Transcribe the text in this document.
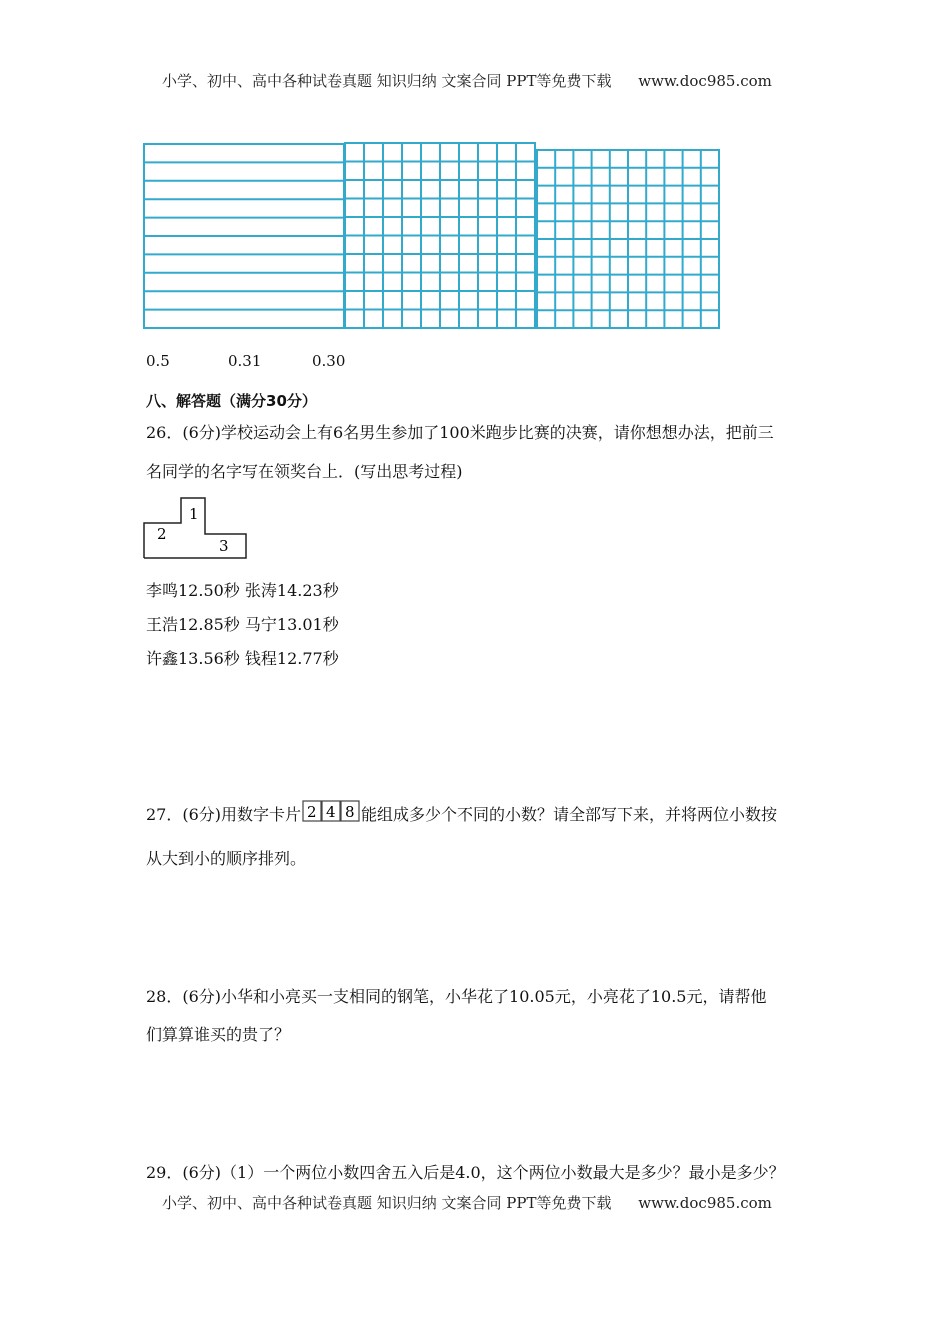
小学、初中、高中各种试卷真题 知识归纳 文案合同 PPT等免费下载 www.doc985.com
0.5	0.31	0.30
八、解答题（满分30分）
26．(6分)学校运动会上有6名男生参加了100米跑步比赛的决赛，请你想想办法，把前三
名同学的名字写在领奖台上．(写出思考过程)
1
2
3
李鸣12.50秒 张涛14.23秒
王浩12.85秒 马宁13.01秒
许鑫13.56秒 钱程12.77秒
27．(6分)用数字卡片 2 4 8 能组成多少个不同的小数？请全部写下来，并将两位小数按
从大到小的顺序排列。
28．(6分)小华和小亮买一支相同的钢笔，小华花了10.05元，小亮花了10.5元，请帮他
们算算谁买的贵了？
29．(6分)（1）一个两位小数四舍五入后是4.0，这个两位小数最大是多少？最小是多少？
小学、初中、高中各种试卷真题 知识归纳 文案合同 PPT等免费下载 www.doc985.com
